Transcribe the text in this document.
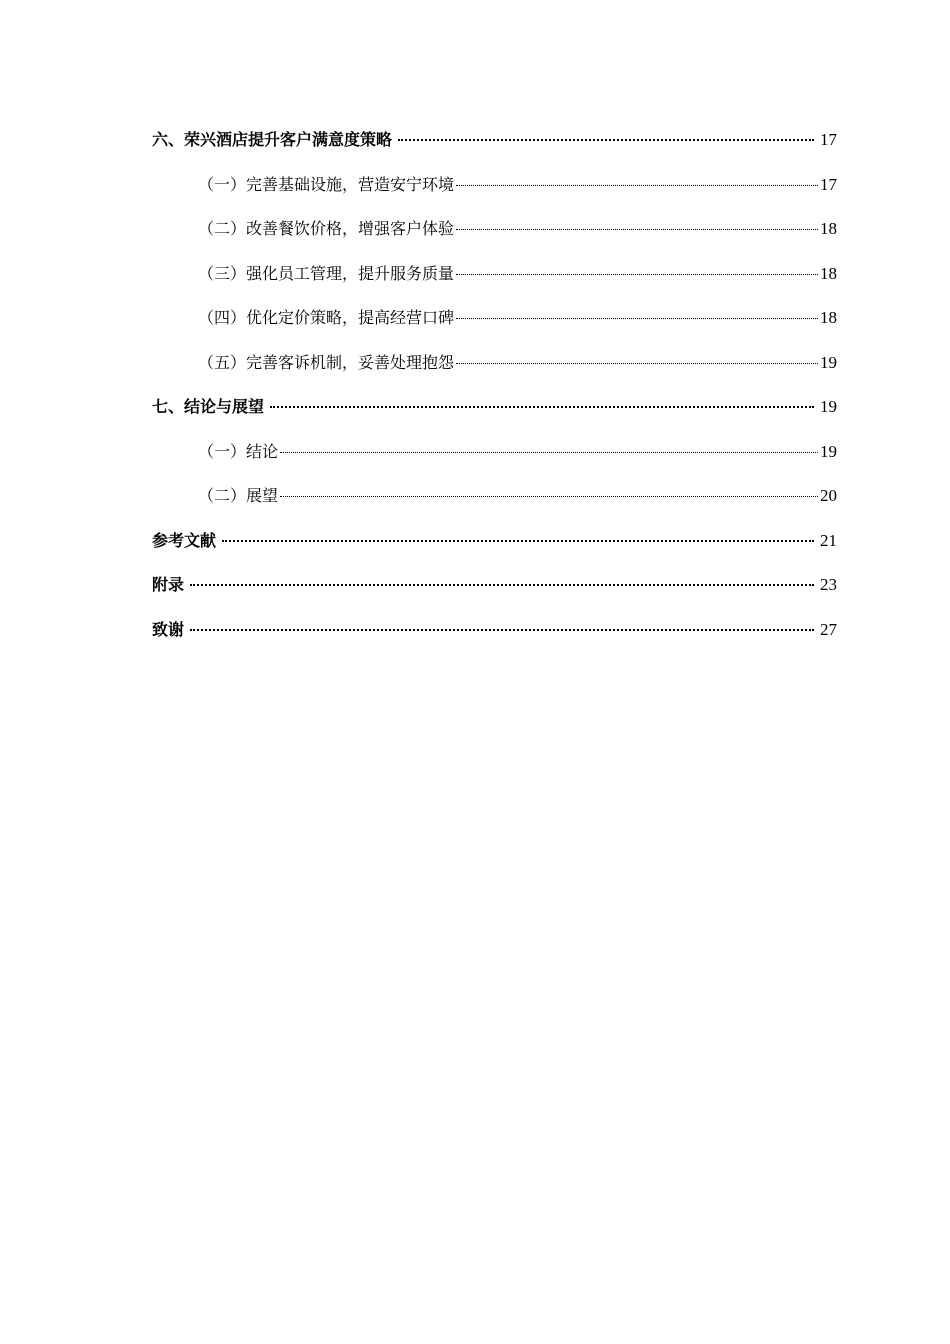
六、荣兴酒店提升客户满意度策略	17
（一）完善基础设施，营造安宁环境	17
（二）改善餐饮价格，增强客户体验	18
（三）强化员工管理，提升服务质量	18
（四）优化定价策略，提高经营口碑	18
（五）完善客诉机制，妥善处理抱怨	19
七、结论与展望	19
（一）结论	19
（二）展望	20
参考文献	21
附录	23
致谢	27
